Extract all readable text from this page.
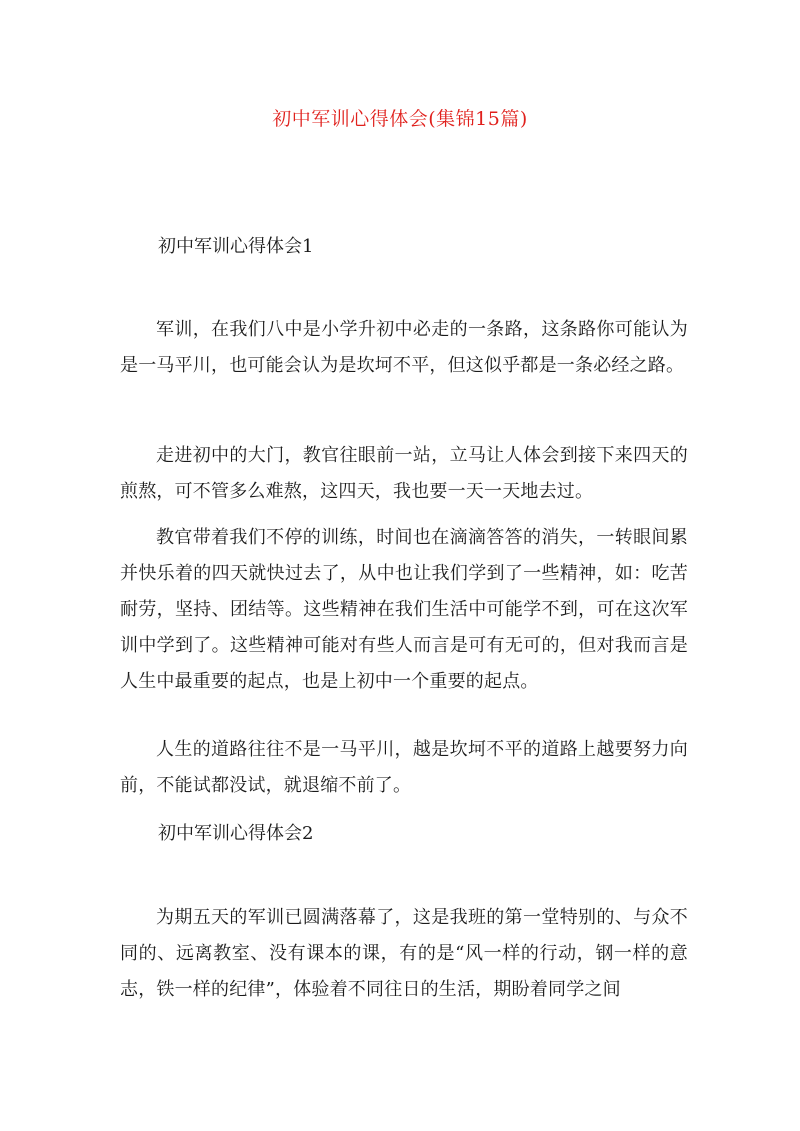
初中军训心得体会(集锦15篇)

初中军训心得体会1

军训，在我们八中是小学升初中必走的一条路，这条路你可能认为是一马平川，也可能会认为是坎坷不平，但这似乎都是一条必经之路。

走进初中的大门，教官往眼前一站，立马让人体会到接下来四天的煎熬，可不管多么难熬，这四天，我也要一天一天地去过。

教官带着我们不停的训练，时间也在滴滴答答的消失，一转眼间累并快乐着的四天就快过去了，从中也让我们学到了一些精神，如：吃苦耐劳，坚持、团结等。这些精神在我们生活中可能学不到，可在这次军训中学到了。这些精神可能对有些人而言是可有无可的，但对我而言是人生中最重要的起点，也是上初中一个重要的起点。

人生的道路往往不是一马平川，越是坎坷不平的道路上越要努力向前，不能试都没试，就退缩不前了。

初中军训心得体会2

为期五天的军训已圆满落幕了，这是我班的第一堂特别的、与众不同的、远离教室、没有课本的课，有的是“风一样的行动，钢一样的意志，铁一样的纪律”，体验着不同往日的生活，期盼着同学之间
